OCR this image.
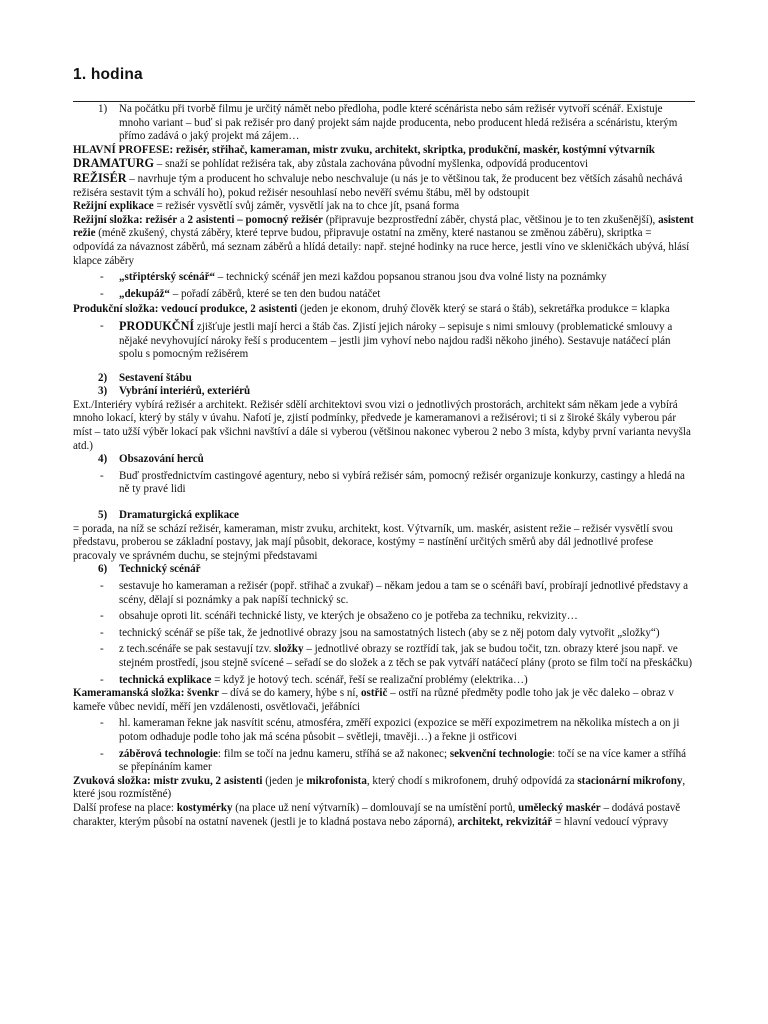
1. hodina
1) Na počátku při tvorbě filmu je určitý námět nebo předloha, podle které scénárista nebo sám režisér vytvoří scénář. Existuje mnoho variant – buď si pak režisér pro daný projekt sám najde producenta, nebo producent hledá režiséra a scénáristu, kterým přímo zadává o jaký projekt má zájem…

HLAVNÍ PROFESE: režisér, střihač, kameraman, mistr zvuku, architekt, skriptka, produkční, maskér, kostýmní výtvarník

DRAMATURG – snaží se pohlídat režiséra tak, aby zůstala zachována původní myšlenka, odpovídá producentovi

REŽISÉR – navrhuje tým a producent ho schvaluje nebo neschvaluje (u nás je to většinou tak, že producent bez větších zásahů nechává režiséra sestavit tým a schválí ho), pokud režisér nesouhlasí nebo nevěří svému štábu, měl by odstoupit

Režijní explikace = režisér vysvětlí svůj záměr, vysvětlí jak na to chce jít, psaná forma

Režijní složka: režisér a 2 asistenti – pomocný režisér (připravuje bezprostřední záběr, chystá plac, většinou je to ten zkušenější), asistent režie (méně zkušený, chystá záběry, které teprve budou, připravuje ostatní na změny, které nastanou se změnou záběru), skriptka = odpovídá za návaznost záběrů, má seznam záběrů a hlídá detaily: např. stejné hodinky na ruce herce, jestli víno ve skleničkách ubývá, hlásí klapce záběry

- „střiptérský scénář“ – technický scénář jen mezi každou popsanou stranou jsou dva volné listy na poznámky
- „dekupáž“ – pořadí záběrů, které se ten den budou natáčet

Produkční složka: vedoucí produkce, 2 asistenti (jeden je ekonom, druhý člověk který se stará o štáb), sekretářka produkce = klapka

- PRODUKČNÍ zjišťuje jestli mají herci a štáb čas. Zjistí jejich nároky – sepisuje s nimi smlouvy (problematické smlouvy a nějaké nevyhovující nároky řeší s producentem – jestli jim vyhoví nebo najdou radši někoho jiného). Sestavuje natáčecí plán spolu s pomocným režisérem
2) Sestavení štábu
3) Vybrání interiérů, exteriérů

Ext./Interiéry vybírá režisér a architekt. Režisér sdělí architektovi svou vizi o jednotlivých prostorách, architekt sám někam jede a vybírá mnoho lokací, který by stály v úvahu. Nafotí je, zjistí podmínky, předvede je kameramanovi a režisérovi; ti si z široké škály vyberou pár míst – tato užší výběr lokací pak všichni navštíví a dále si vyberou (většinou nakonec vyberou 2 nebo 3 místa, kdyby první varianta nevyšla atd.)

4) Obsazování herců
- Buď prostřednictvím castingové agentury, nebo si vybírá režisér sám, pomocný režisér organizuje konkurzy, castingy a hledá na ně ty pravé lidi
5) Dramaturgická explikace

= porada, na níž se schází režisér, kameraman, mistr zvuku, architekt, kost. Výtvarník, um. maskér, asistent režie – režisér vysvětlí svou představu, proberou se základní postavy, jak mají působit, dekorace, kostýmy = nastínění určitých směrů aby dál jednotlivé profese pracovaly ve správném duchu, se stejnými představami

6) Technický scénář
- sestavuje ho kameraman a režisér (popř. střihač a zvukař) – někam jedou a tam se o scénáři baví, probírají jednotlivé představy a scény, dělají si poznámky a pak napíší technický sc.
- obsahuje oproti lit. scénáři technické listy, ve kterých je obsaženo co je potřeba za techniku, rekvizity…
- technický scénář se píše tak, že jednotlivé obrazy jsou na samostatných listech (aby se z něj potom daly vytvořit „složky“)
- z tech.scénáře se pak sestavují tzv. složky – jednotlivé obrazy se roztřídí tak, jak se budou točit, tzn. obrazy které jsou např. ve stejném prostředí, jsou stejně svícené – seřadí se do složek a z těch se pak vytváří natáčecí plány (proto se film točí na přeskáčku)
- technická explikace = když je hotový tech. scénář, řeší se realizační problémy (elektrika…)

Kameramanská složka: švenkr – dívá se do kamery, hýbe s ní, ostřič – ostří na různé předměty podle toho jak je věc daleko – obraz v kameře vůbec nevidí, měří jen vzdálenosti, osvětlovači, jeřábníci

- hl. kameraman řekne jak nasvítit scénu, atmosféra, změří expozici (expozice se měří expozimetrem na několika místech a on ji potom odhaduje podle toho jak má scéna působit – světleji, tmavěji…) a řekne ji ostřicovi
- záběrová technologie: film se točí na jednu kameru, stříhá se až nakonec; sekvenční technologie: točí se na více kamer a stříhá se přepínáním kamer

Zvuková složka: mistr zvuku, 2 asistenti (jeden je mikrofonista, který chodí s mikrofonem, druhý odpovídá za stacionární mikrofony, které jsou rozmístěné)

Další profese na place: kostymérky (na place už není výtvarník) – domlouvají se na umístění portů, umělecký maskér – dodává postavě charakter, kterým působí na ostatní navenek (jestli je to kladná postava nebo záporná), architekt, rekvizitář = hlavní vedoucí výpravy
